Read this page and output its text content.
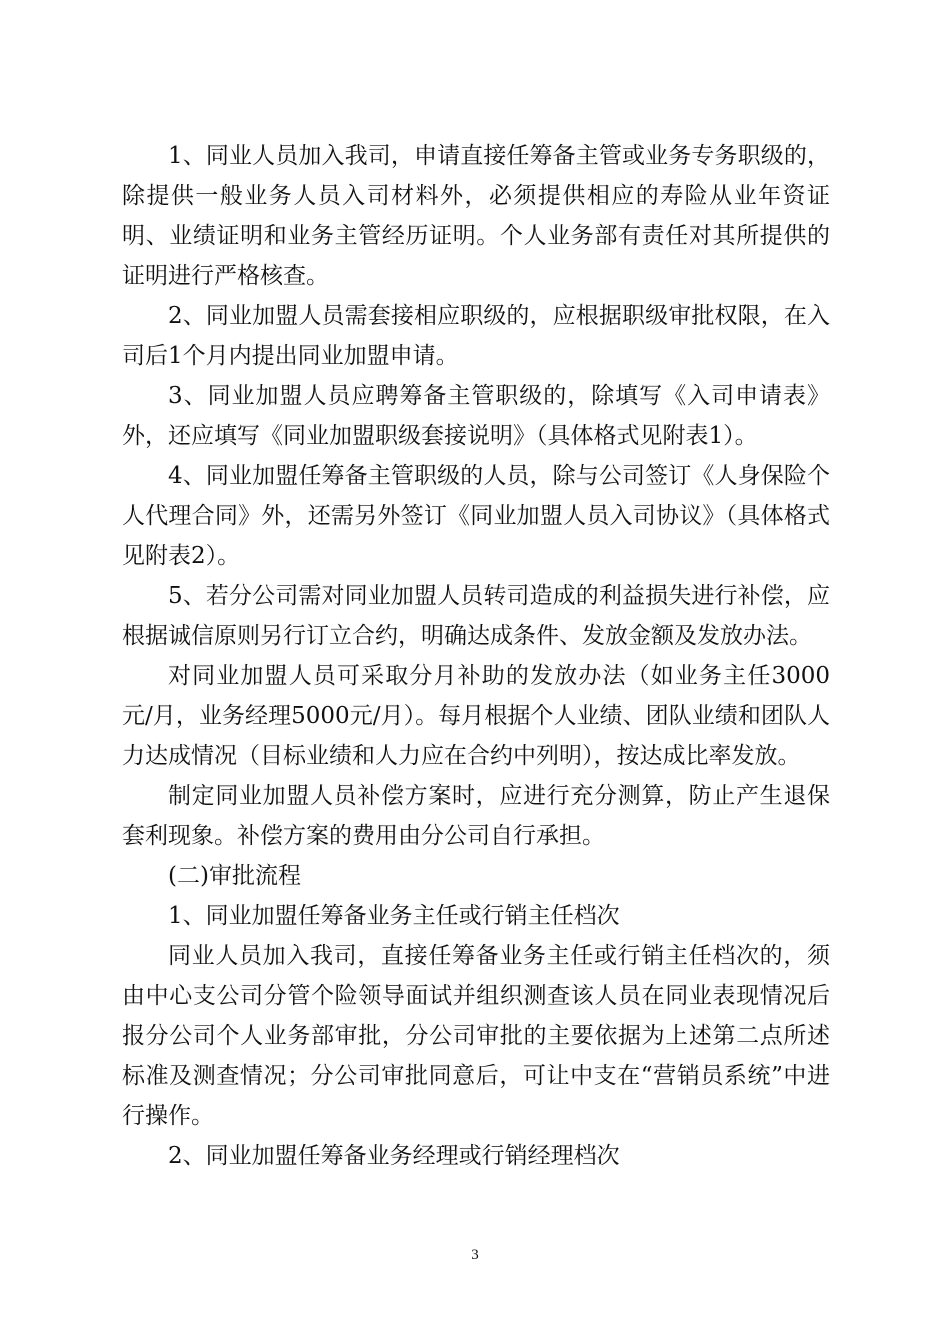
1、同业人员加入我司，申请直接任筹备主管或业务专务职级的，除提供一般业务人员入司材料外，必须提供相应的寿险从业年资证明、业绩证明和业务主管经历证明。个人业务部有责任对其所提供的证明进行严格核查。

2、同业加盟人员需套接相应职级的，应根据职级审批权限，在入司后1个月内提出同业加盟申请。

3、同业加盟人员应聘筹备主管职级的，除填写《入司申请表》外，还应填写《同业加盟职级套接说明》（具体格式见附表1）。

4、同业加盟任筹备主管职级的人员，除与公司签订《人身保险个人代理合同》外，还需另外签订《同业加盟人员入司协议》（具体格式见附表2）。

5、若分公司需对同业加盟人员转司造成的利益损失进行补偿，应根据诚信原则另行订立合约，明确达成条件、发放金额及发放办法。

对同业加盟人员可采取分月补助的发放办法（如业务主任3000元/月，业务经理5000元/月）。每月根据个人业绩、团队业绩和团队人力达成情况（目标业绩和人力应在合约中列明），按达成比率发放。

制定同业加盟人员补偿方案时，应进行充分测算，防止产生退保套利现象。补偿方案的费用由分公司自行承担。

(二)审批流程

1、同业加盟任筹备业务主任或行销主任档次

同业人员加入我司，直接任筹备业务主任或行销主任档次的，须由中心支公司分管个险领导面试并组织测查该人员在同业表现情况后报分公司个人业务部审批，分公司审批的主要依据为上述第二点所述标准及测查情况；分公司审批同意后，可让中支在“营销员系统”中进行操作。

2、同业加盟任筹备业务经理或行销经理档次

3
